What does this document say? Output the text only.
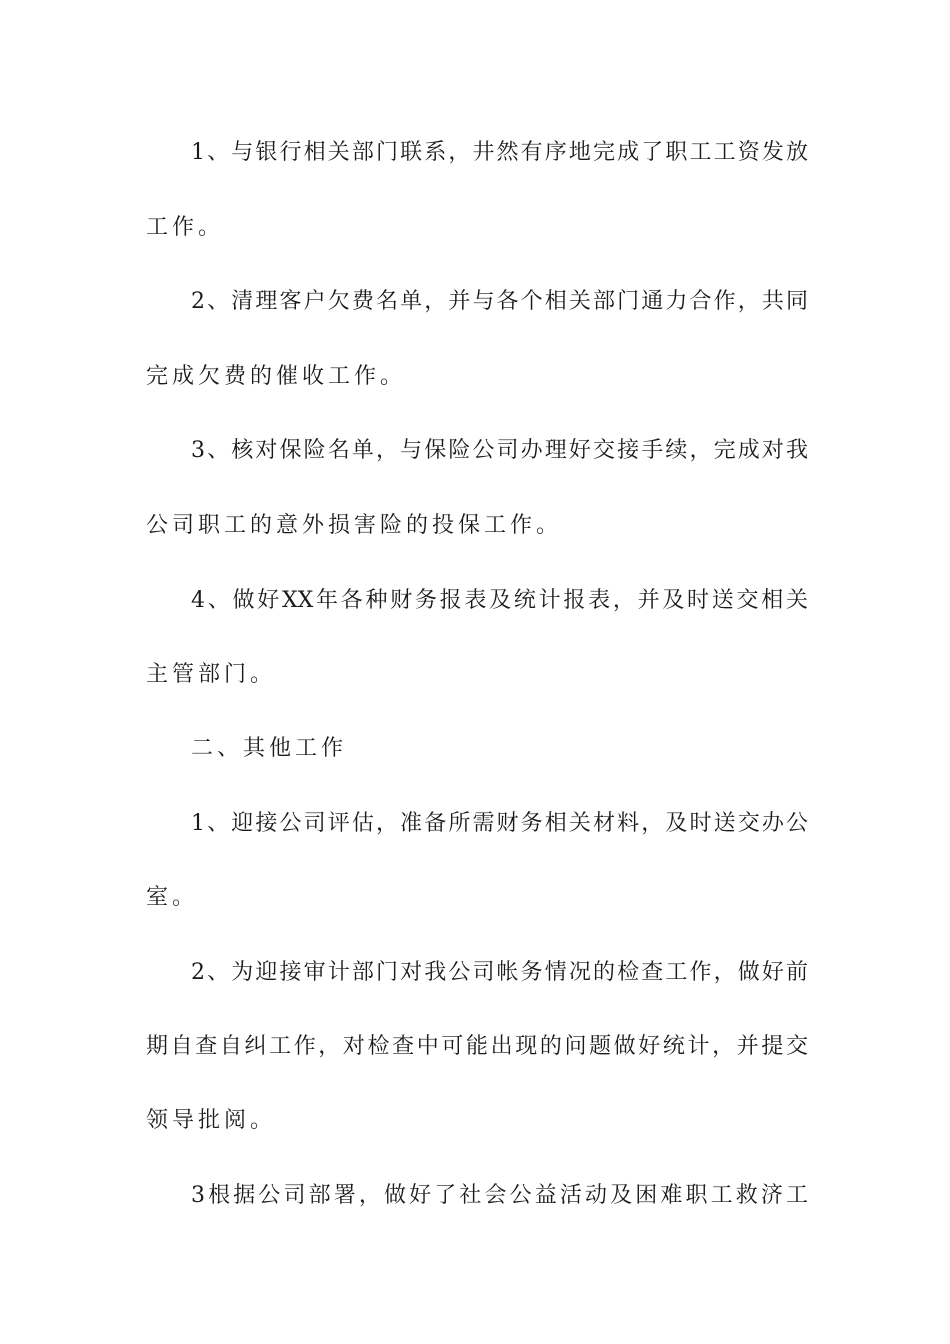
1、与银行相关部门联系，井然有序地完成了职工工资发放

工作。

2、清理客户欠费名单，并与各个相关部门通力合作，共同

完成欠费的催收工作。

3、核对保险名单，与保险公司办理好交接手续，完成对我

公司职工的意外损害险的投保工作。

4、做好XX年各种财务报表及统计报表，并及时送交相关

主管部门。

二、其他工作

1、迎接公司评估，准备所需财务相关材料，及时送交办公

室。

2、为迎接审计部门对我公司帐务情况的检查工作，做好前

期自查自纠工作，对检查中可能出现的问题做好统计，并提交

领导批阅。

3根据公司部署，做好了社会公益活动及困难职工救济工
